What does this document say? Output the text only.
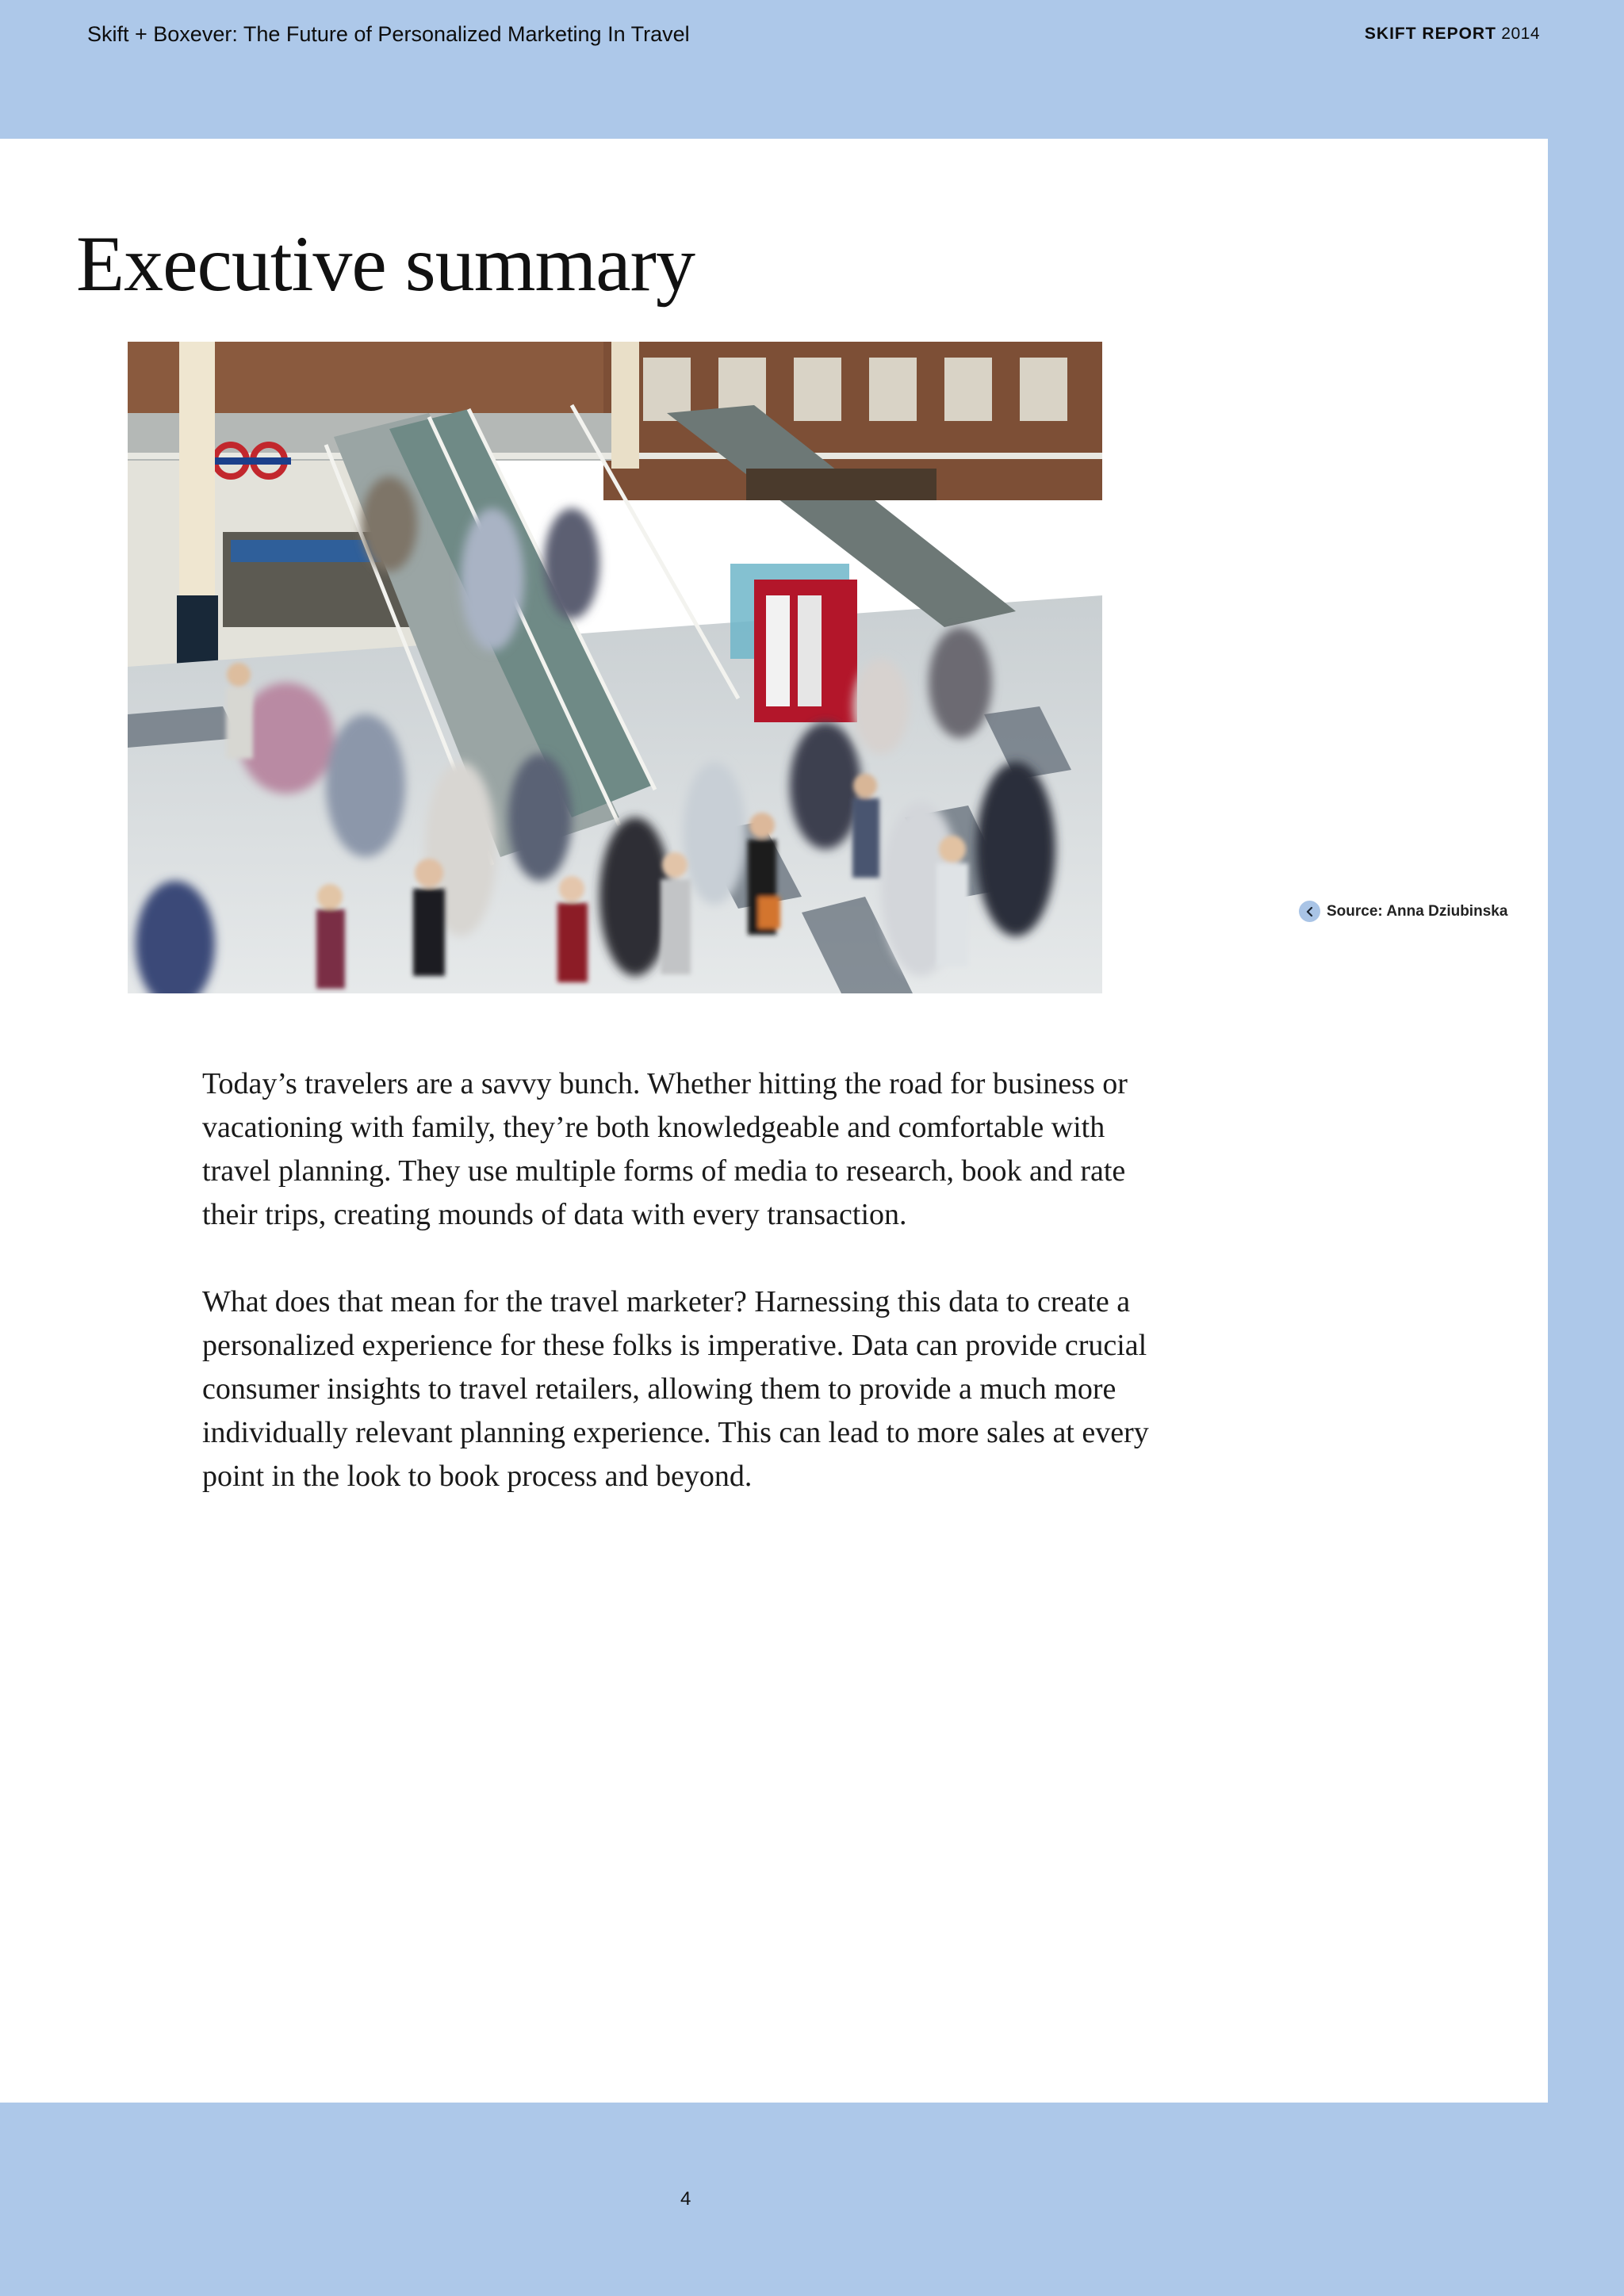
Skift + Boxever: The Future of Personalized Marketing In Travel	SKIFT REPORT 2014
Executive summary
Source: Anna Dziubinska

Today’s travelers are a savvy bunch. Whether hitting the road for business or vacationing with family, they’re both knowledgeable and comfortable with travel planning. They use multiple forms of media to research, book and rate their trips, creating mounds of data with every transaction.

What does that mean for the travel marketer? Harnessing this data to create a personalized experience for these folks is imperative. Data can provide crucial consumer insights to travel retailers, allowing them to provide a much more individually relevant planning experience. This can lead to more sales at every point in the look to book process and beyond.

4
